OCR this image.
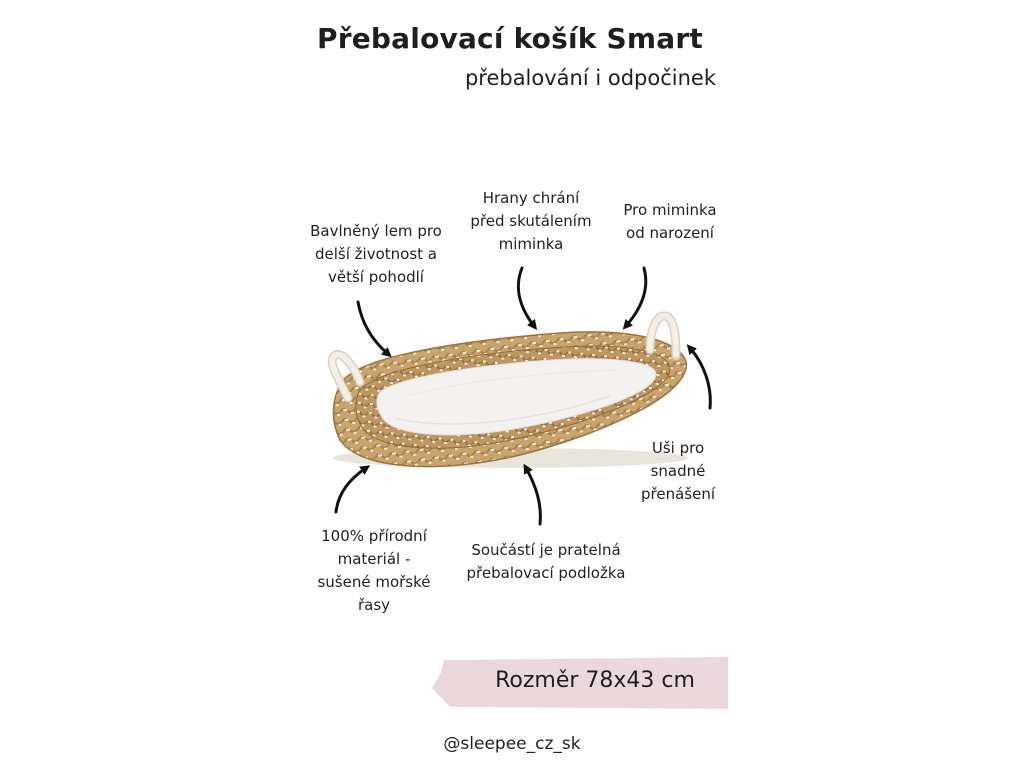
Přebalovací košík Smart
přebalování i odpočinek
Bavlněný lem pro
delší životnost a
větší pohodlí
Hrany chrání
před skutálením
miminka
Pro miminka
od narození
Uši pro
snadné
přenášení
100% přírodní
materiál -
sušené mořské
řasy
Součástí je pratelná
přebalovací podložka
Rozměr 78x43 cm
@sleepee_cz_sk
